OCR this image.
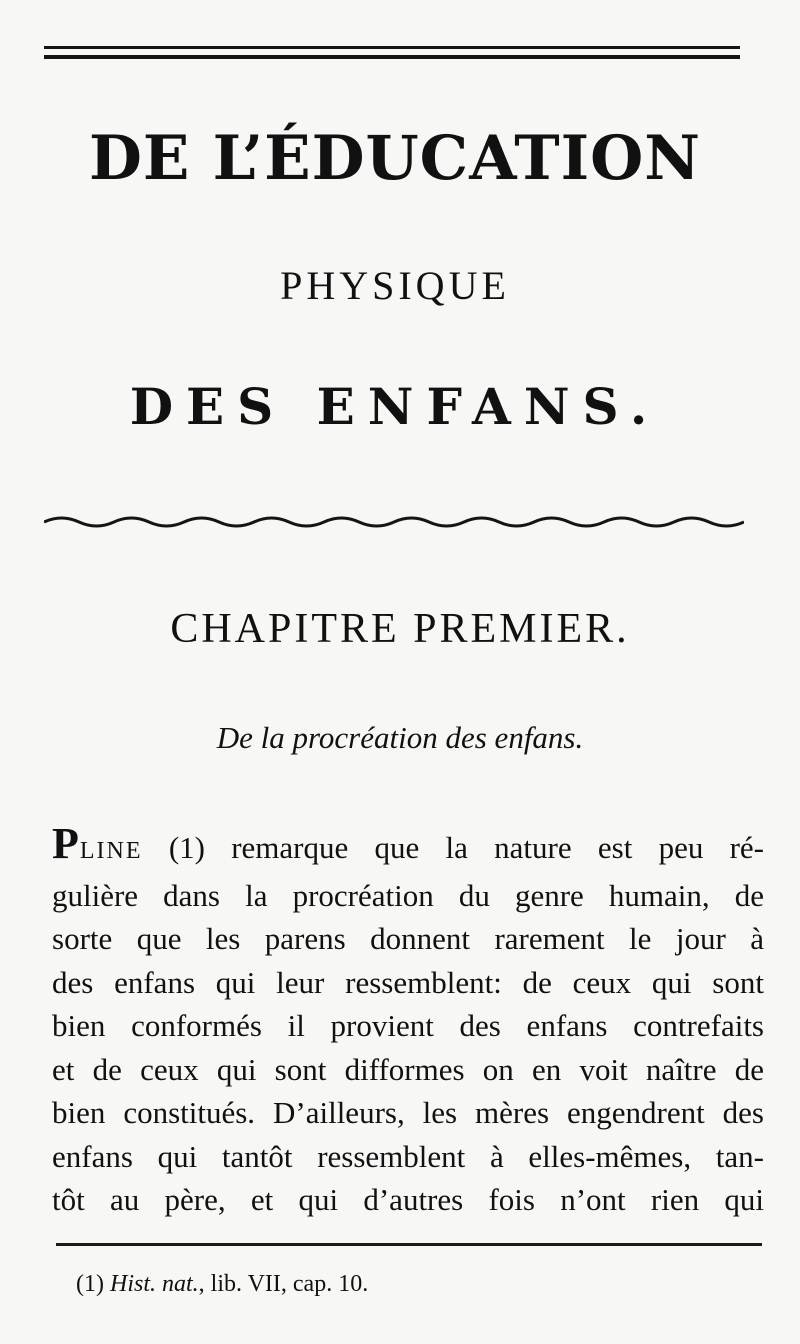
DE L’ÉDUCATION
PHYSIQUE
DES ENFANS.
CHAPITRE PREMIER.
De la procréation des enfans.
PLINE (1) remarque que la nature est peu ré-
gulière dans la procréation du genre humain, de
sorte que les parens donnent rarement le jour à
des enfans qui leur ressemblent: de ceux qui sont
bien conformés il provient des enfans contrefaits
et de ceux qui sont difformes on en voit naître de
bien constitués. D’ailleurs, les mères engendrent des
enfans qui tantôt ressemblent à elles-mêmes, tan-
tôt au père, et qui d’autres fois n’ont rien qui
(1) Hist. nat., lib. VII, cap. 10.
